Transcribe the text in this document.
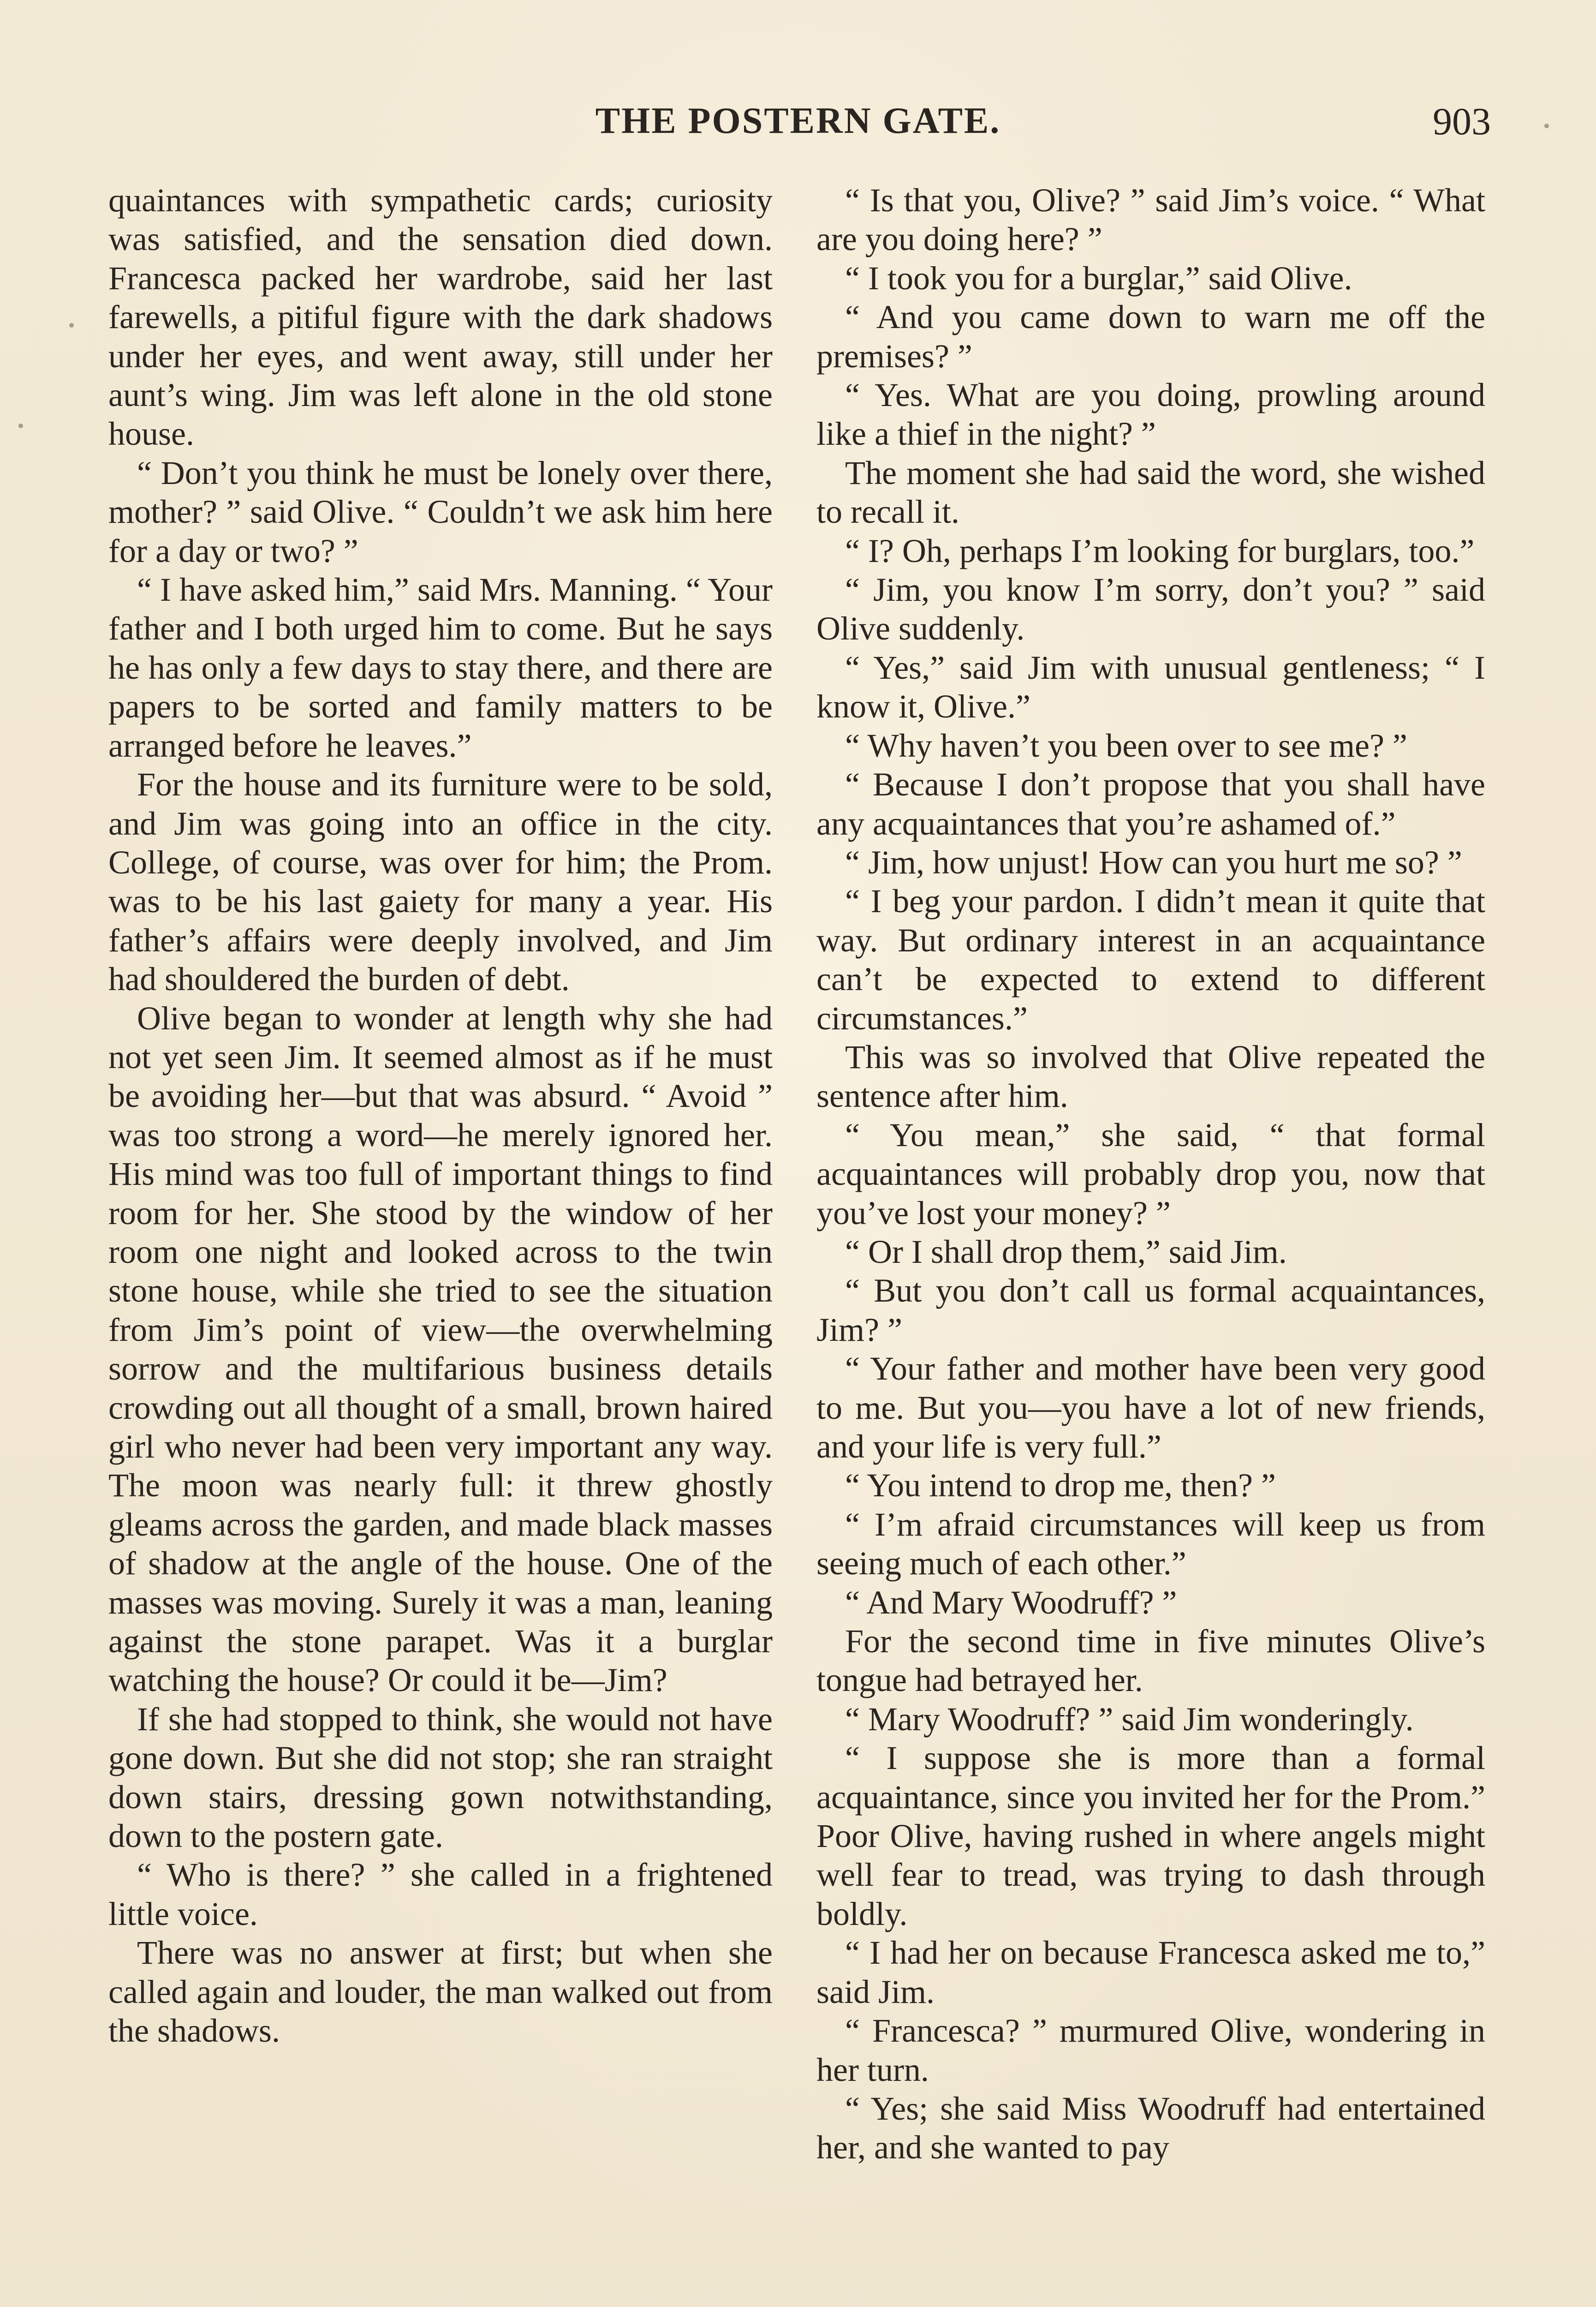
THE POSTERN GATE.	903

quaintances with sympathetic cards; curiosity was satisfied, and the sensation died down. Francesca packed her wardrobe, said her last farewells, a pitiful figure with the dark shadows under her eyes, and went away, still under her aunt’s wing. Jim was left alone in the old stone house.

“ Don’t you think he must be lonely over there, mother? ” said Olive. “ Couldn’t we ask him here for a day or two? ”

“ I have asked him,” said Mrs. Manning. “ Your father and I both urged him to come. But he says he has only a few days to stay there, and there are papers to be sorted and family matters to be arranged before he leaves.”

For the house and its furniture were to be sold, and Jim was going into an office in the city. College, of course, was over for him; the Prom. was to be his last gaiety for many a year. His father’s affairs were deeply involved, and Jim had shouldered the burden of debt.

Olive began to wonder at length why she had not yet seen Jim. It seemed almost as if he must be avoiding her—but that was absurd. “ Avoid ” was too strong a word—he merely ignored her. His mind was too full of important things to find room for her. She stood by the window of her room one night and looked across to the twin stone house, while she tried to see the situation from Jim’s point of view—the overwhelming sorrow and the multifarious business details crowding out all thought of a small, brown haired girl who never had been very important any way. The moon was nearly full: it threw ghostly gleams across the garden, and made black masses of shadow at the angle of the house. One of the masses was moving. Surely it was a man, leaning against the stone parapet. Was it a burglar watching the house? Or could it be—Jim?

If she had stopped to think, she would not have gone down. But she did not stop; she ran straight down stairs, dressing gown notwithstanding, down to the postern gate.

“ Who is there? ” she called in a frightened little voice.

There was no answer at first; but when she called again and louder, the man walked out from the shadows.

“ Is that you, Olive? ” said Jim’s voice. “ What are you doing here? ”

“ I took you for a burglar,” said Olive.

“ And you came down to warn me off the premises? ”

“ Yes. What are you doing, prowling around like a thief in the night? ”

The moment she had said the word, she wished to recall it.

“ I? Oh, perhaps I’m looking for burglars, too.”

“ Jim, you know I’m sorry, don’t you? ” said Olive suddenly.

“ Yes,” said Jim with unusual gentleness; “ I know it, Olive.”

“ Why haven’t you been over to see me? ”

“ Because I don’t propose that you shall have any acquaintances that you’re ashamed of.”

“ Jim, how unjust! How can you hurt me so? ”

“ I beg your pardon. I didn’t mean it quite that way. But ordinary interest in an acquaintance can’t be expected to extend to different circumstances.”

This was so involved that Olive repeated the sentence after him.

“ You mean,” she said, “ that formal acquaintances will probably drop you, now that you’ve lost your money? ”

“ Or I shall drop them,” said Jim.

“ But you don’t call us formal acquaintances, Jim? ”

“ Your father and mother have been very good to me. But you—you have a lot of new friends, and your life is very full.”

“ You intend to drop me, then? ”

“ I’m afraid circumstances will keep us from seeing much of each other.”

“ And Mary Woodruff? ”

For the second time in five minutes Olive’s tongue had betrayed her.

“ Mary Woodruff? ” said Jim wonderingly.

“ I suppose she is more than a formal acquaintance, since you invited her for the Prom.” Poor Olive, having rushed in where angels might well fear to tread, was trying to dash through boldly.

“ I had her on because Francesca asked me to,” said Jim.

“ Francesca? ” murmured Olive, wondering in her turn.

“ Yes; she said Miss Woodruff had entertained her, and she wanted to pay
